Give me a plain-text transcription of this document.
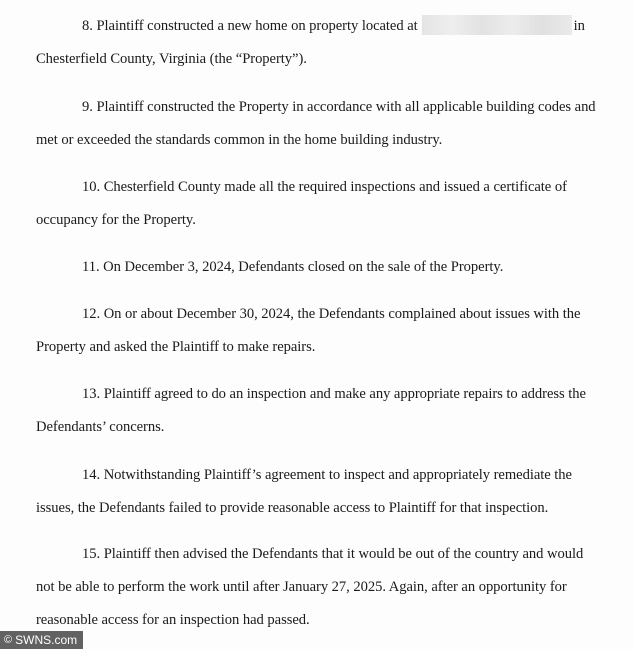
8. Plaintiff constructed a new home on property located at	in
Chesterfield County, Virginia (the “Property”).
9. Plaintiff constructed the Property in accordance with all applicable building codes and
met or exceeded the standards common in the home building industry.
10. Chesterfield County made all the required inspections and issued a certificate of
occupancy for the Property.
11. On December 3, 2024, Defendants closed on the sale of the Property.
12. On or about December 30, 2024, the Defendants complained about issues with the
Property and asked the Plaintiff to make repairs.
13. Plaintiff agreed to do an inspection and make any appropriate repairs to address the
Defendants’ concerns.
14. Notwithstanding Plaintiff’s agreement to inspect and appropriately remediate the
issues, the Defendants failed to provide reasonable access to Plaintiff for that inspection.
15. Plaintiff then advised the Defendants that it would be out of the country and would
not be able to perform the work until after January 27, 2025. Again, after an opportunity for
reasonable access for an inspection had passed.
© SWNS.com
